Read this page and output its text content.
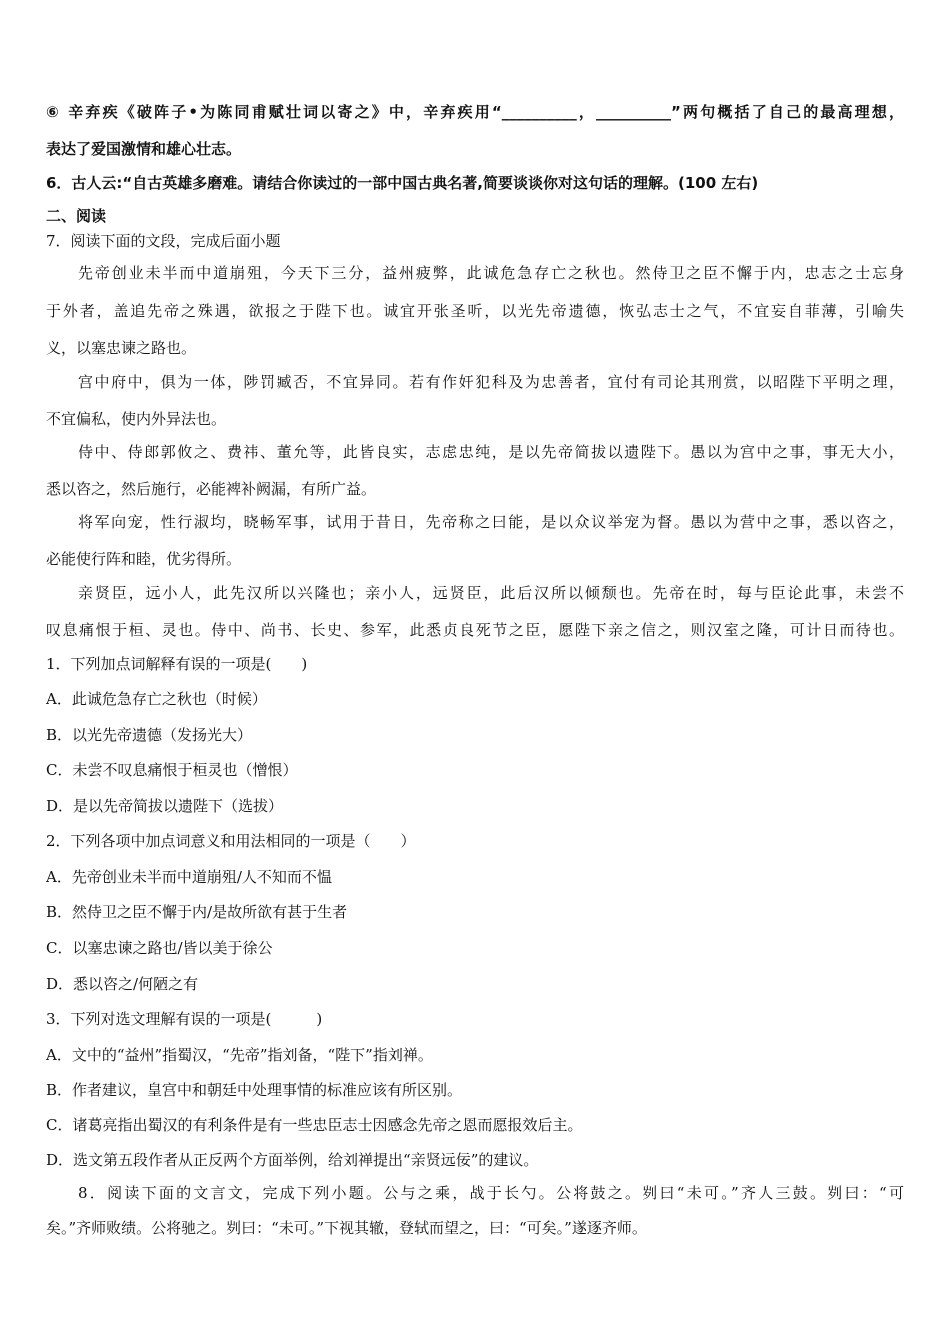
⑥ 辛弃疾《破阵子•为陈同甫赋壮词以寄之》中，辛弃疾用“__________，__________”两句概括了自己的最高理想，
表达了爱国激情和雄心壮志。
6．古人云:“自古英雄多磨难。请结合你读过的一部中国古典名著,简要谈谈你对这句话的理解。(100 左右)
二、阅读
7．阅读下面的文段，完成后面小题
先帝创业未半而中道崩殂，今天下三分，益州疲弊，此诚危急存亡之秋也。然侍卫之臣不懈于内，忠志之士忘身
于外者，盖追先帝之殊遇，欲报之于陛下也。诚宜开张圣听，以光先帝遗德，恢弘志士之气，不宜妄自菲薄，引喻失
义，以塞忠谏之路也。
宫中府中，俱为一体，陟罚臧否，不宜异同。若有作奸犯科及为忠善者，宜付有司论其刑赏，以昭陛下平明之理，
不宜偏私，使内外异法也。
侍中、侍郎郭攸之、费祎、董允等，此皆良实，志虑忠纯，是以先帝简拔以遗陛下。愚以为宫中之事，事无大小，
悉以咨之，然后施行，必能裨补阙漏，有所广益。
将军向宠，性行淑均，晓畅军事，试用于昔日，先帝称之曰能，是以众议举宠为督。愚以为营中之事，悉以咨之，
必能使行阵和睦，优劣得所。
亲贤臣，远小人，此先汉所以兴隆也；亲小人，远贤臣，此后汉所以倾颓也。先帝在时，每与臣论此事，未尝不
叹息痛恨于桓、灵也。侍中、尚书、长史、参军，此悉贞良死节之臣，愿陛下亲之信之，则汉室之隆，可计日而待也。
1．下列加点词解释有误的一项是(　　)
A．此诚危急存亡之秋也（时候）
B．以光先帝遗德（发扬光大）
C．未尝不叹息痛恨于桓灵也（憎恨）
D．是以先帝简拔以遗陛下（选拔）
2．下列各项中加点词意义和用法相同的一项是（　　）
A．先帝创业未半而中道崩殂/人不知而不愠
B．然侍卫之臣不懈于内/是故所欲有甚于生者
C．以塞忠谏之路也/皆以美于徐公
D．悉以咨之/何陋之有
3．下列对选文理解有误的一项是(　　　)
A．文中的“益州”指蜀汉，“先帝”指刘备，“陛下”指刘禅。
B．作者建议，皇宫中和朝廷中处理事情的标准应该有所区别。
C．诸葛亮指出蜀汉的有利条件是有一些忠臣志士因感念先帝之恩而愿报效后主。
D．选文第五段作者从正反两个方面举例，给刘禅提出“亲贤远佞”的建议。
8．阅读下面的文言文，完成下列小题。公与之乘，战于长勺。公将鼓之。刿曰“未可。”齐人三鼓。刿曰：“可
矣。”齐师败绩。公将驰之。刿曰：“未可。”下视其辙，登轼而望之，曰：“可矣。”遂逐齐师。
